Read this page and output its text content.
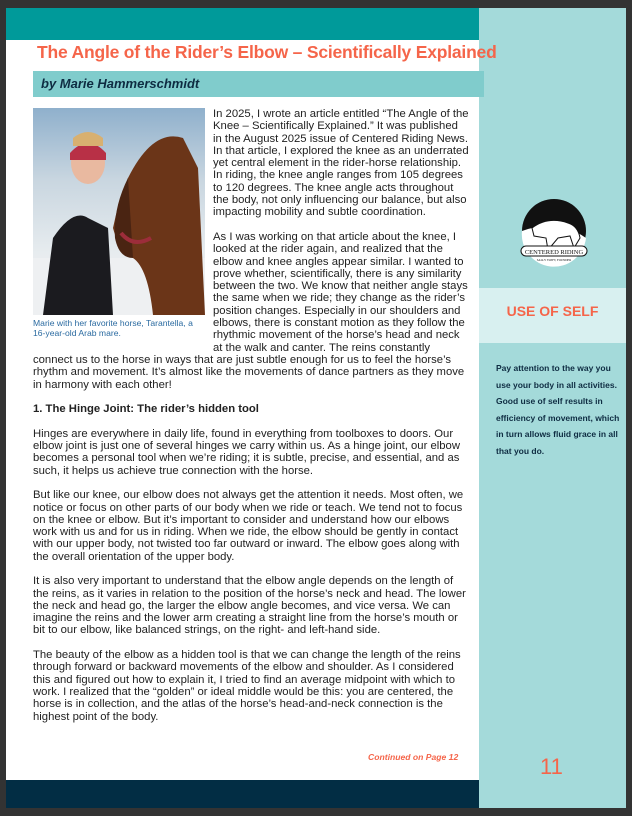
The Angle of the Rider’s Elbow – Scientifically Explained
by Marie Hammerschmidt
Marie with her favorite horse, Tarantella, a 16-year-old Arab mare.

In 2025, I wrote an article entitled “The Angle of the Knee – Scientifically Explained.” It was published in the August 2025 issue of Centered Riding News. In that article, I explored the knee as an underrated yet central element in the rider-horse relationship. In riding, the knee angle ranges from 105 degrees to 120 degrees. The knee angle acts throughout the body, not only influencing our balance, but also impacting mobility and subtle coordination.

As I was working on that article about the knee, I looked at the rider again, and realized that the elbow and knee angles appear similar. I wanted to prove whether, scientifically, there is any similarity between the two. We know that neither angle stays the same when we ride; they change as the rider’s position changes. Especially in our shoulders and elbows, there is constant motion as they follow the rhythmic movement of the horse’s head and neck at the walk and canter. The reins constantly connect us to the horse in ways that are just subtle enough for us to feel the horse’s rhythm and movement. It’s almost like the movements of dance partners as they move in harmony with each other!

1. The Hinge Joint: The rider’s hidden tool

Hinges are everywhere in daily life, found in everything from toolboxes to doors. Our elbow joint is just one of several hinges we carry within us. As a hinge joint, our elbow becomes a personal tool when we’re riding; it is subtle, precise, and essential, and as such, it helps us achieve true connection with the horse.

But like our knee, our elbow does not always get the attention it needs. Most often, we notice or focus on other parts of our body when we ride or teach. We tend not to focus on the knee or elbow. But it’s important to consider and understand how our elbows work with us and for us in riding. When we ride, the elbow should be gently in contact with our upper body, not twisted too far outward or inward. The elbow goes along with the overall orientation of the upper body.

It is also very important to understand that the elbow angle depends on the length of the reins, as it varies in relation to the position of the horse’s neck and head. The lower the neck and head go, the larger the elbow angle becomes, and vice versa. We can imagine the reins and the lower arm creating a straight line from the horse’s mouth or bit to our elbow, like balanced strings, on the right- and left-hand side.

The beauty of the elbow as a hidden tool is that we can change the length of the reins through forward or backward movements of the elbow and shoulder. As I considered this and figured out how to explain it, I tried to find an average midpoint with which to work. I realized that the “golden” or ideal middle would be this: you are centered, the horse is in collection, and the atlas of the horse’s head-and-neck connection is the highest point of the body.

Continued on Page 12
CENTERED RIDING
SALLY SWIFT, FOUNDER
USE OF SELF
Pay attention to the way you use your body in all activities. Good use of self results in efficiency of movement, which in turn allows fluid grace in all that you do.
11
